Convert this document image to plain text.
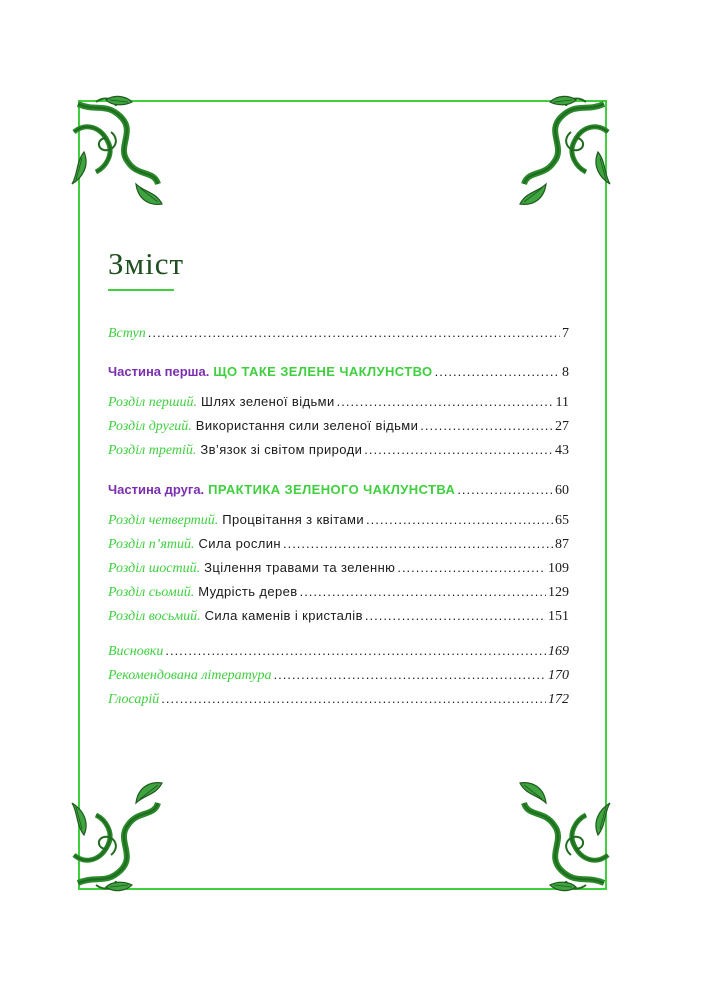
Зміст
Вступ .....	7
Частина перша. ЩО ТАКЕ ЗЕЛЕНЕ ЧАКЛУНСТВО .....	8
Розділ перший. Шлях зеленої відьми .....	11
Розділ другий. Використання сили зеленої відьми .....	27
Розділ третій. Зв’язок зі світом природи .....	43
Частина друга. ПРАКТИКА ЗЕЛЕНОГО ЧАКЛУНСТВА .....	60
Розділ четвертий. Процвітання з квітами .....	65
Розділ п’ятий. Сила рослин .....	87
Розділ шостий. Зцілення травами та зеленню .....	109
Розділ сьомий. Мудрість дерев .....	129
Розділ восьмий. Сила каменів і кристалів .....	151
Висновки .....	169
Рекомендована література .....	170
Глосарій .....	172
